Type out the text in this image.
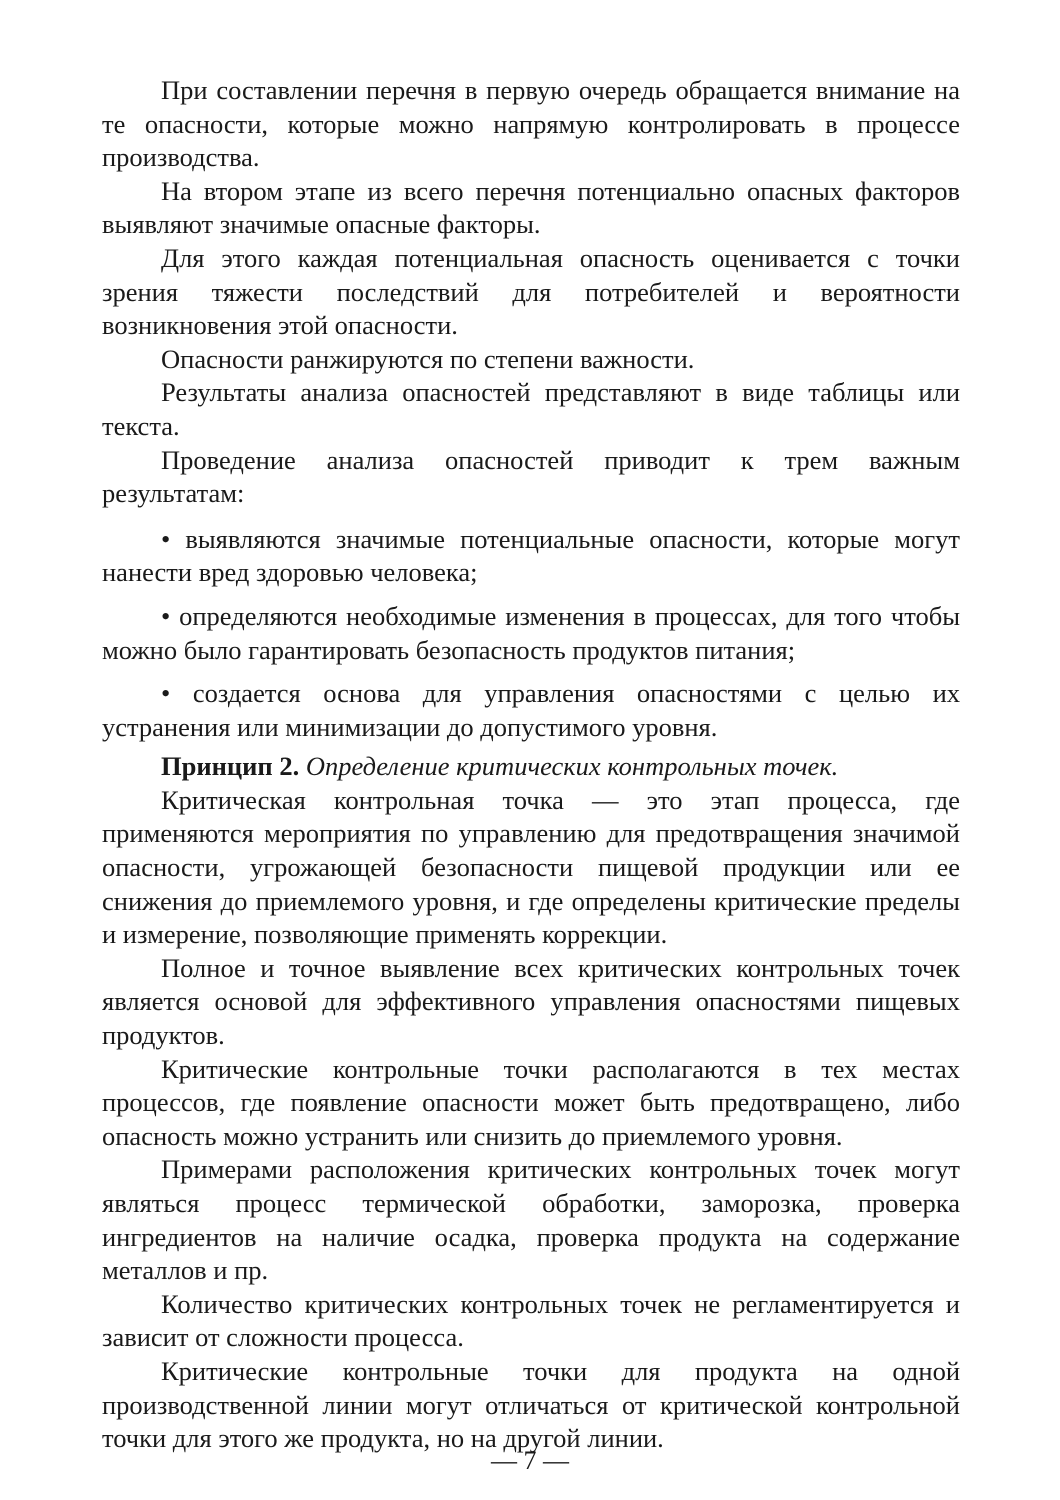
При составлении перечня в первую очередь обращается внимание на те опасности, которые можно напрямую контролировать в процессе производства.

На втором этапе из всего перечня потенциально опасных факторов выявляют значимые опасные факторы.

Для этого каждая потенциальная опасность оценивается с точки зрения тяжести последствий для потребителей и вероятности возникновения этой опасности.

Опасности ранжируются по степени важности.

Результаты анализа опасностей представляют в виде таблицы или текста.

Проведение анализа опасностей приводит к трем важным результатам:

• выявляются значимые потенциальные опасности, которые могут нанести вред здоровью человека;

• определяются необходимые изменения в процессах, для того чтобы можно было гарантировать безопасность продуктов питания;

• создается основа для управления опасностями с целью их устранения или минимизации до допустимого уровня.

Принцип 2. Определение критических контрольных точек.

Критическая контрольная точка — это этап процесса, где применяются мероприятия по управлению для предотвращения значимой опасности, угрожающей безопасности пищевой продукции или ее снижения до приемлемого уровня, и где определены критические пределы и измерение, позволяющие применять коррекции.

Полное и точное выявление всех критических контрольных точек является основой для эффективного управления опасностями пищевых продуктов.

Критические контрольные точки располагаются в тех местах процессов, где появление опасности может быть предотвращено, либо опасность можно устранить или снизить до приемлемого уровня.

Примерами расположения критических контрольных точек могут являться процесс термической обработки, заморозка, проверка ингредиентов на наличие осадка, проверка продукта на содержание металлов и пр.

Количество критических контрольных точек не регламентируется и зависит от сложности процесса.

Критические контрольные точки для продукта на одной производственной линии могут отличаться от критической контрольной точки для этого же продукта, но на другой линии.

— 7 —
